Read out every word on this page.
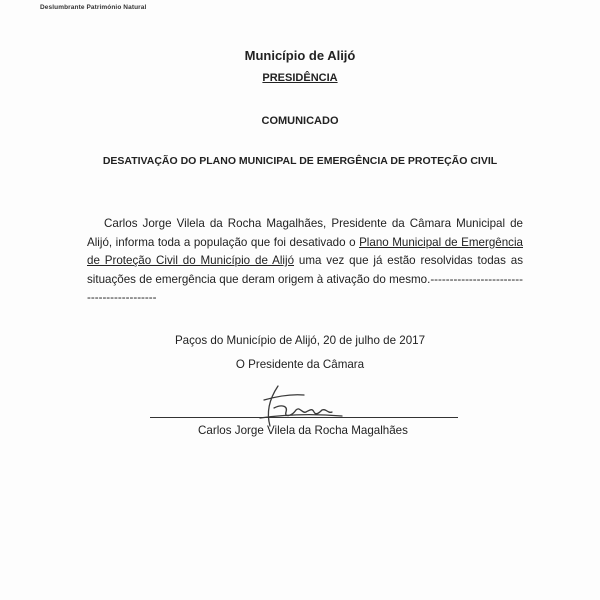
Deslumbrante Património Natural
Município de Alijó
PRESIDÊNCIA
COMUNICADO
DESATIVAÇÃO DO PLANO MUNICIPAL DE EMERGÊNCIA DE PROTEÇÃO CIVIL
Carlos Jorge Vilela da Rocha Magalhães, Presidente da Câmara Municipal de Alijó, informa toda a população que foi desativado o Plano Municipal de Emergência de Proteção Civil do Município de Alijó uma vez que já estão resolvidas todas as situações de emergência que deram origem à ativação do mesmo.------------------------------------------
Paços do Município de Alijó, 20 de julho de 2017
O Presidente da Câmara
Carlos Jorge Vilela da Rocha Magalhães
